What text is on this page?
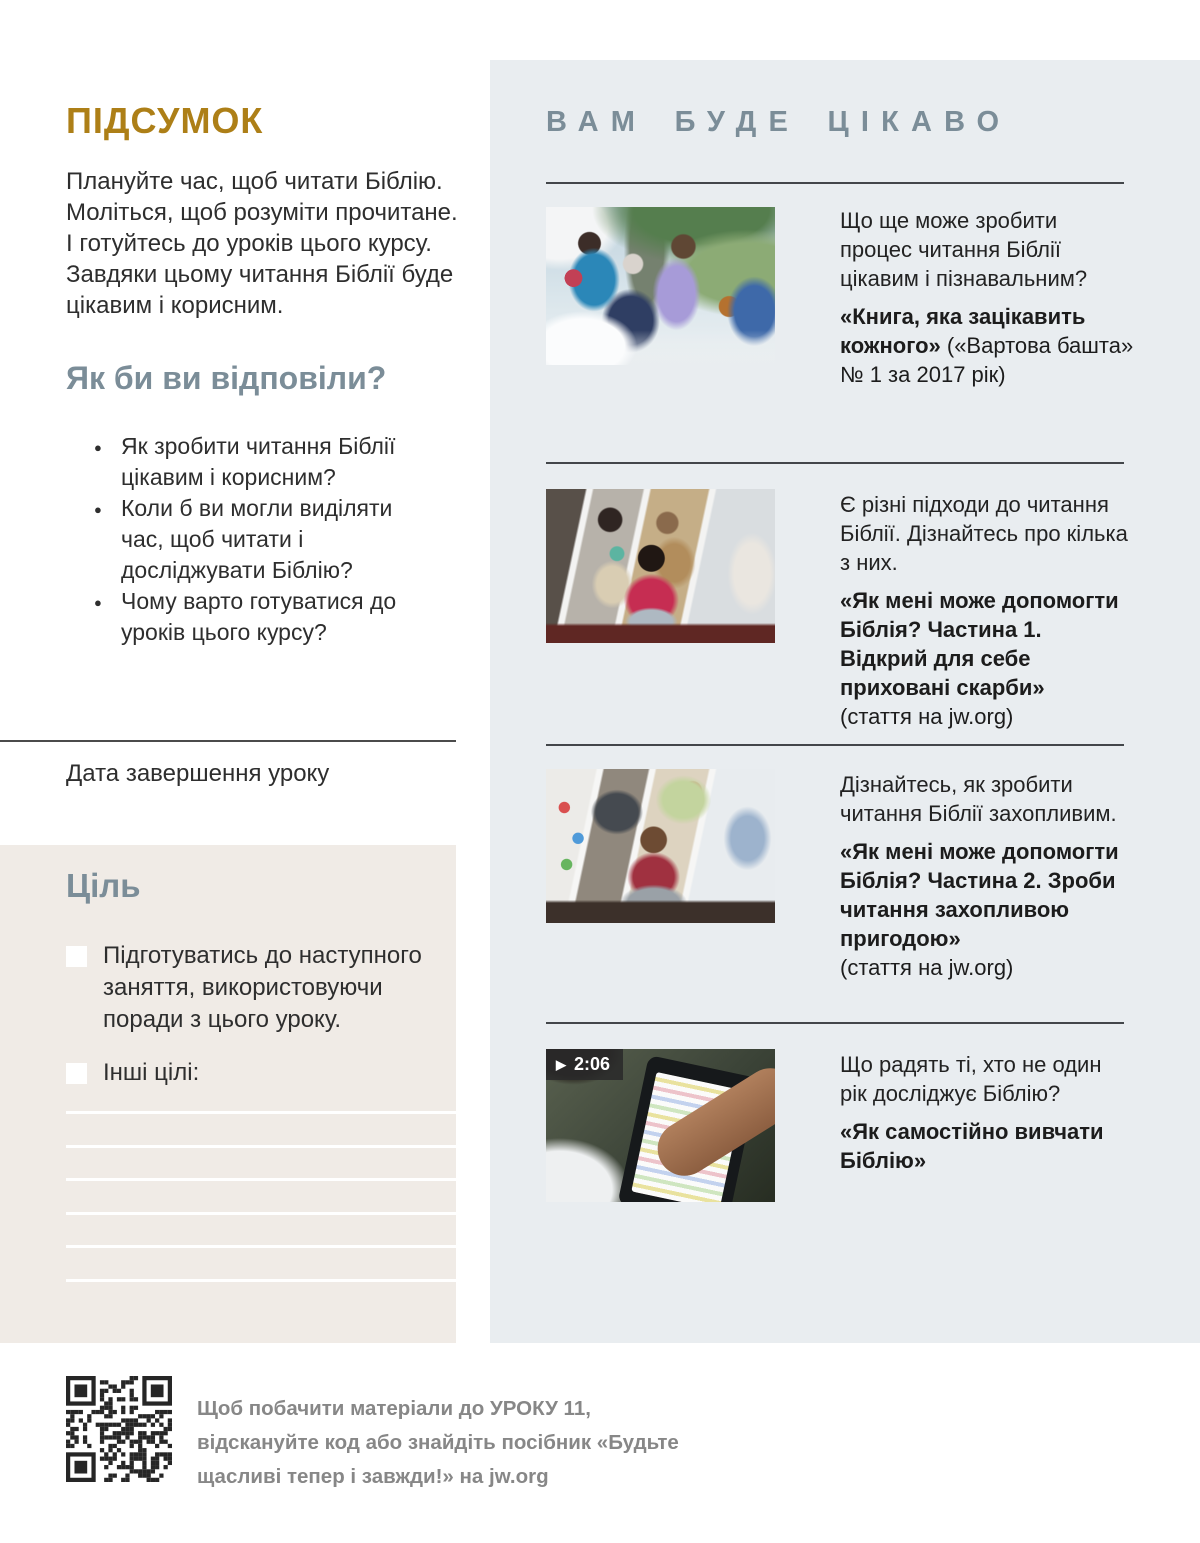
ПІДСУМОК

Плануйте час, щоб читати Біблію. Моліться, щоб розуміти прочитане. І готуйтесь до уроків цього курсу. Завдяки цьому читання Біблії буде цікавим і корисним.

Як би ви відповіли?
● Як зробити читання Біблії цікавим і корисним?
● Коли б ви могли виділяти час, щоб читати і досліджувати Біблію?
● Чому варто готуватися до уроків цього курсу?

Дата завершення уроку

Ціль

Підготуватись до наступного заняття, використовуючи поради з цього уроку.

Інші цілі:

ВАМ БУДЕ ЦІКАВО

Що ще може зробити процес читання Біблії цікавим і пізнавальним?

«Книга, яка зацікавить кожного» («Вартова башта» № 1 за 2017 рік)

Є різні підходи до читання Біблії. Дізнайтесь про кілька з них.

«Як мені може допомогти Біблія? Частина 1. Відкрий для себе приховані скарби»
(стаття на jw.org)

Дізнайтесь, як зробити читання Біблії захопливим.

«Як мені може допомогти Біблія? Частина 2. Зроби читання захопливою пригодою»
(стаття на jw.org)

▶ 2:06	Що радять ті, хто не один рік досліджує Біблію?

«Як самостійно вивчати Біблію»

Щоб побачити матеріали до УРОКУ 11, відскануйте код або знайдіть посібник «Будьте щасливі тепер і завжди!» на jw.org
